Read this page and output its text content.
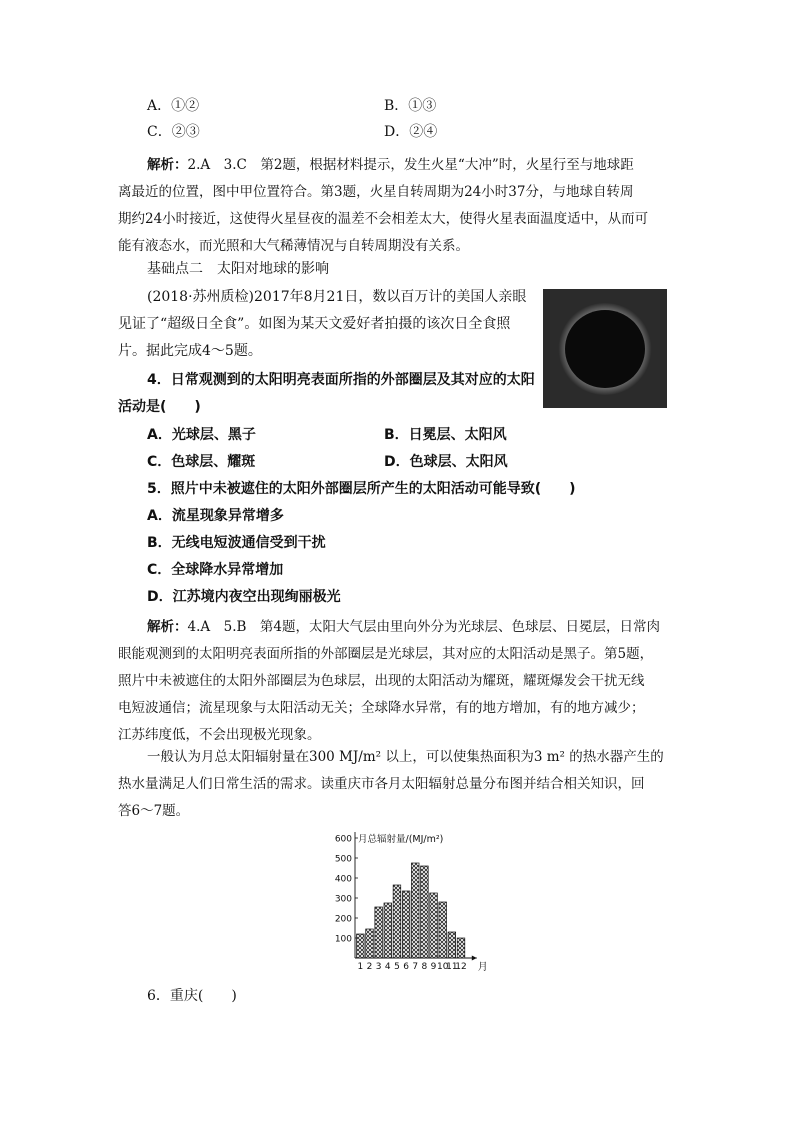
A．①②	B．①③
C．②③	D．②④
解析：2.A　3.C　第2题，根据材料提示，发生火星“大冲”时，火星行至与地球距
离最近的位置，图中甲位置符合。第3题，火星自转周期为24小时37分，与地球自转周
期约24小时接近，这使得火星昼夜的温差不会相差太大，使得火星表面温度适中，从而可
能有液态水，而光照和大气稀薄情况与自转周期没有关系。
基础点二　太阳对地球的影响
(2018·苏州质检)2017年8月21日，数以百万计的美国人亲眼
见证了“超级日全食”。如图为某天文爱好者拍摄的该次日全食照
片。据此完成4～5题。
4．日常观测到的太阳明亮表面所指的外部圈层及其对应的太阳
活动是(　　)
A．光球层、黑子	B．日冕层、太阳风
C．色球层、耀斑	D．色球层、太阳风
5．照片中未被遮住的太阳外部圈层所产生的太阳活动可能导致(　　)
A．流星现象异常增多
B．无线电短波通信受到干扰
C．全球降水异常增加
D．江苏境内夜空出现绚丽极光
解析：4.A　5.B　第4题，太阳大气层由里向外分为光球层、色球层、日冕层，日常肉
眼能观测到的太阳明亮表面所指的外部圈层是光球层，其对应的太阳活动是黑子。第5题，
照片中未被遮住的太阳外部圈层为色球层，出现的太阳活动为耀斑，耀斑爆发会干扰无线
电短波通信；流星现象与太阳活动无关；全球降水异常，有的地方增加，有的地方减少；
江苏纬度低，不会出现极光现象。
一般认为月总太阳辐射量在300 MJ/m² 以上，可以使集热面积为3 m² 的热水器产生的
热水量满足人们日常生活的需求。读重庆市各月太阳辐射总量分布图并结合相关知识，回
答6～7题。
100
200
300
400
500
600 月总辐射量/(MJ/m²)
1 2 3 4 5 6 7 8 9 10
11
12 月
6．重庆(　　)
